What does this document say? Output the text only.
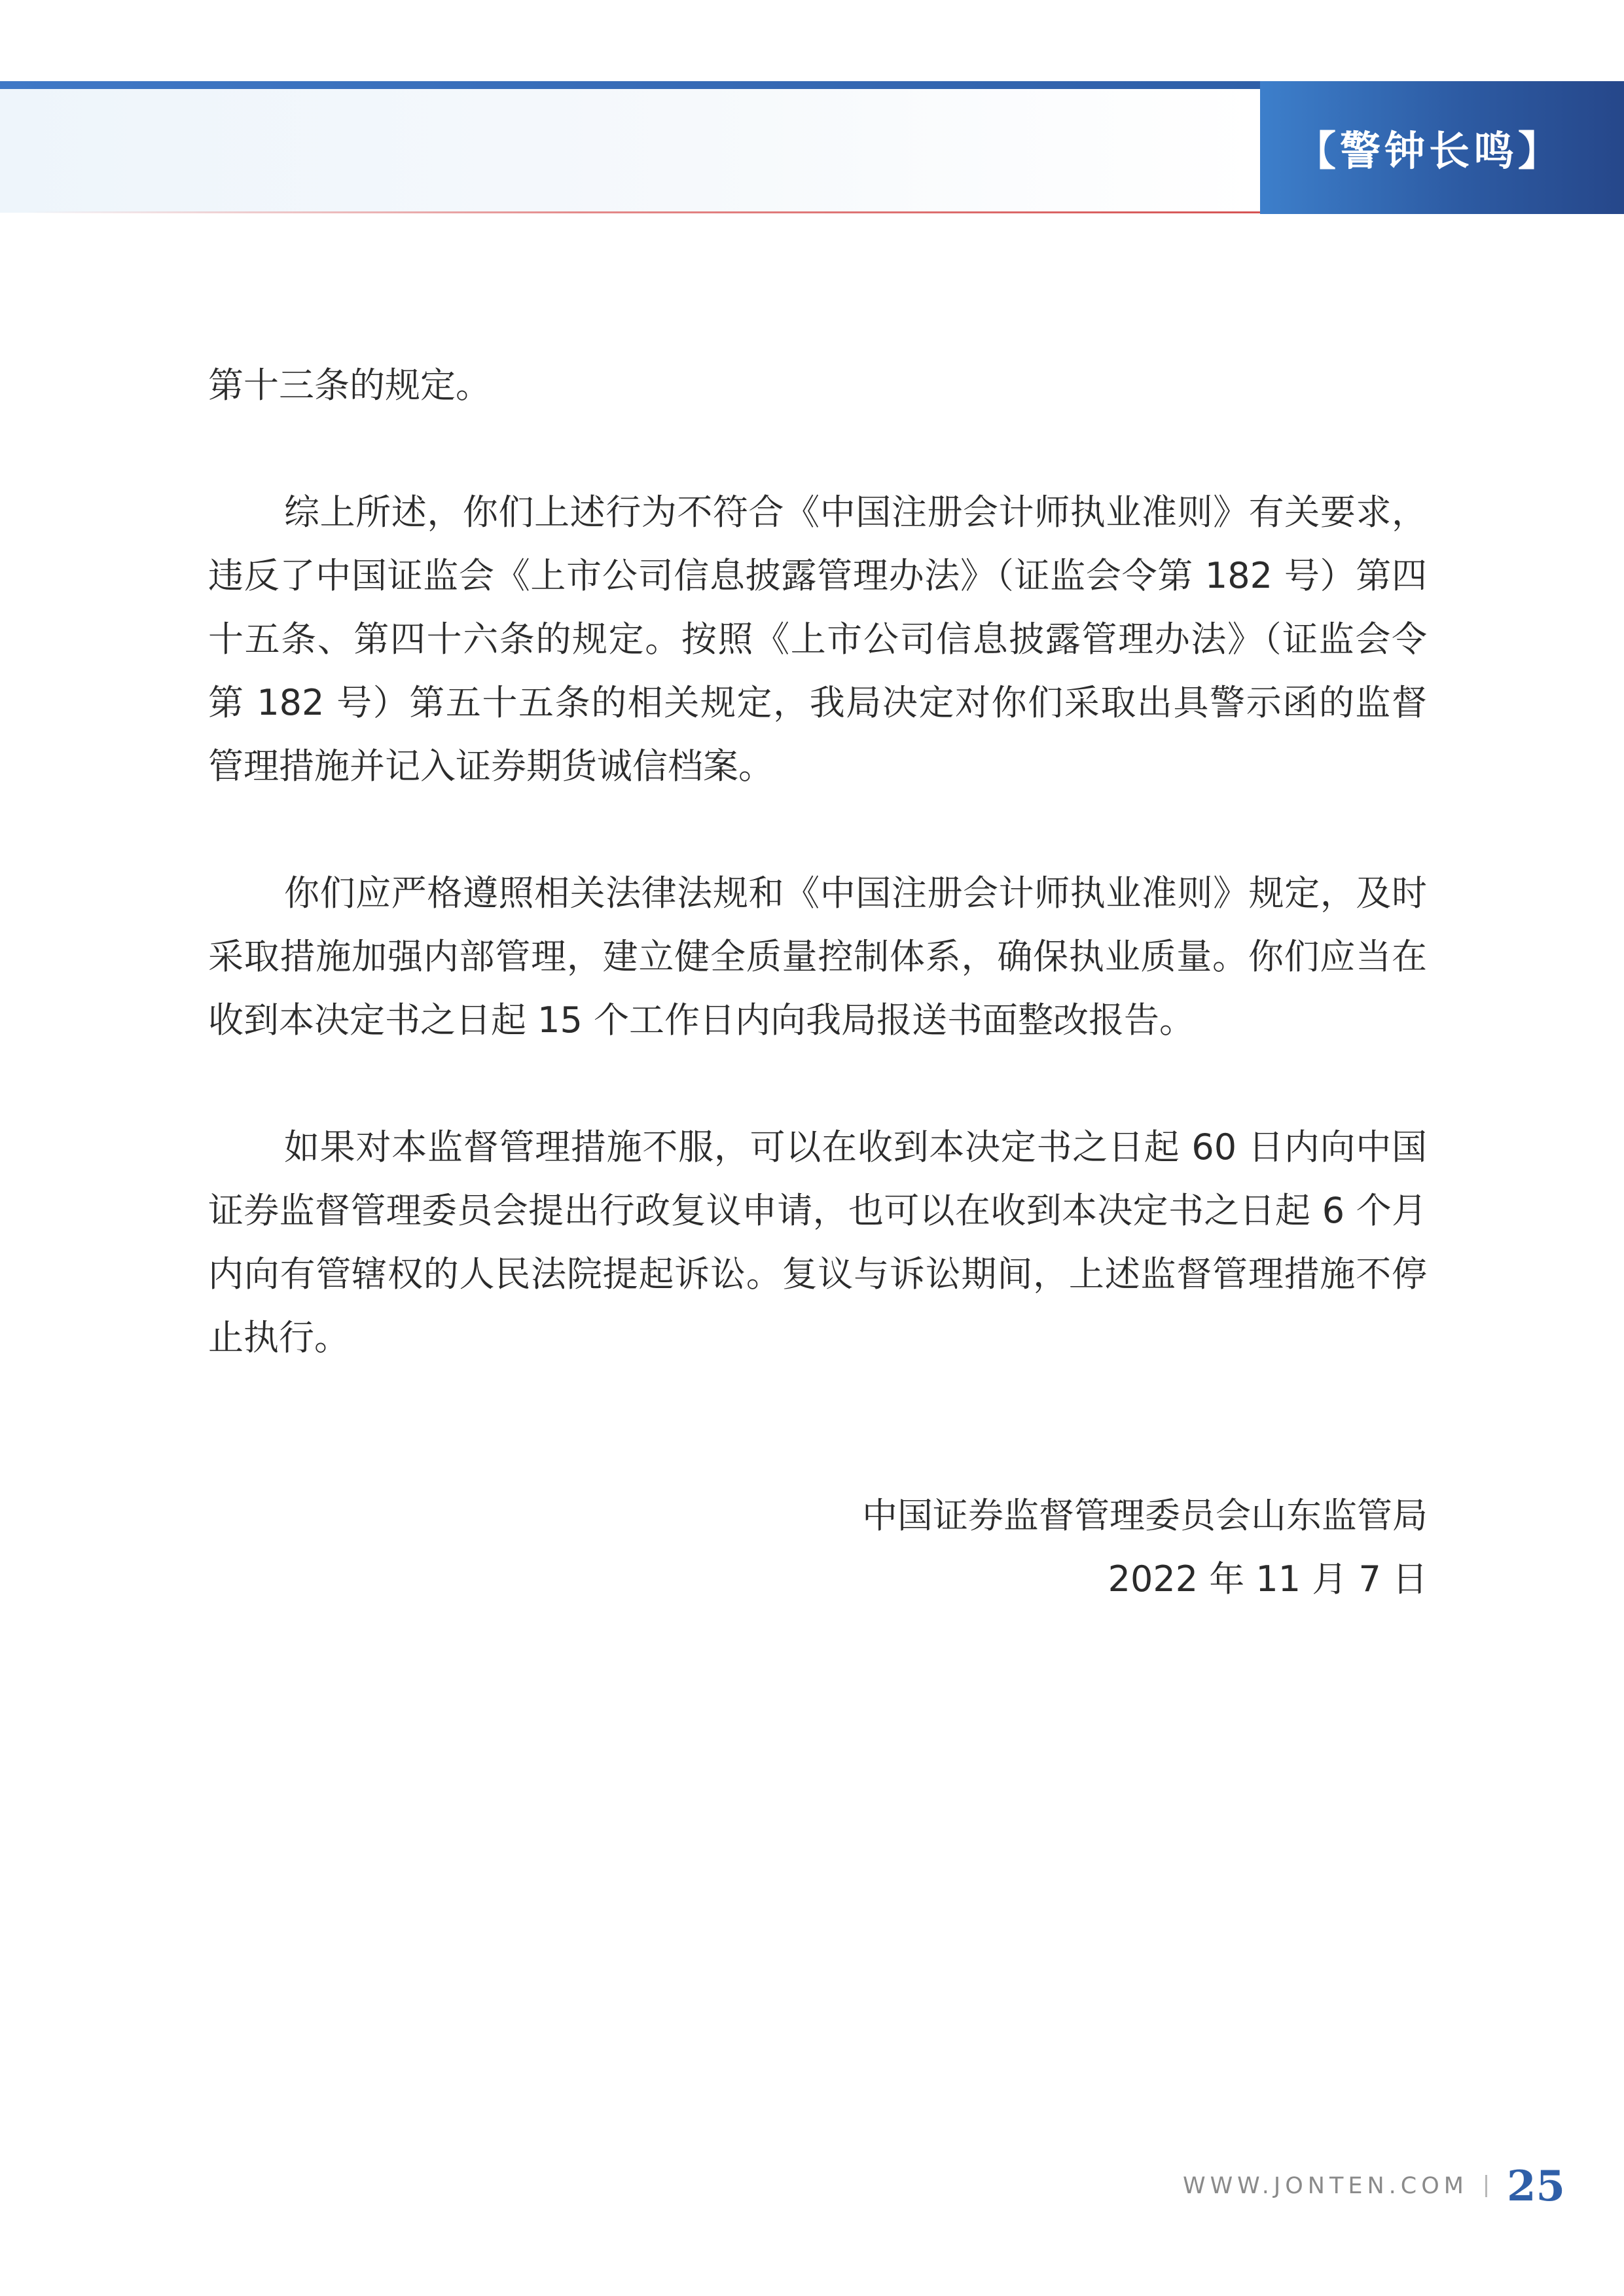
【警钟长鸣】

第十三条的规定。

综上所述，你们上述行为不符合《中国注册会计师执业准则》有关要求，违反了中国证监会《上市公司信息披露管理办法》（证监会令第 182 号）第四十五条、第四十六条的规定。按照《上市公司信息披露管理办法》（证监会令第 182 号）第五十五条的相关规定，我局决定对你们采取出具警示函的监督管理措施并记入证券期货诚信档案。

你们应严格遵照相关法律法规和《中国注册会计师执业准则》规定，及时采取措施加强内部管理，建立健全质量控制体系，确保执业质量。你们应当在收到本决定书之日起 15 个工作日内向我局报送书面整改报告。

如果对本监督管理措施不服，可以在收到本决定书之日起 60 日内向中国证券监督管理委员会提出行政复议申请，也可以在收到本决定书之日起 6 个月内向有管辖权的人民法院提起诉讼。复议与诉讼期间，上述监督管理措施不停止执行。

中国证券监督管理委员会山东监管局
2022 年 11 月 7 日
WWW.JONTEN.COM 25
